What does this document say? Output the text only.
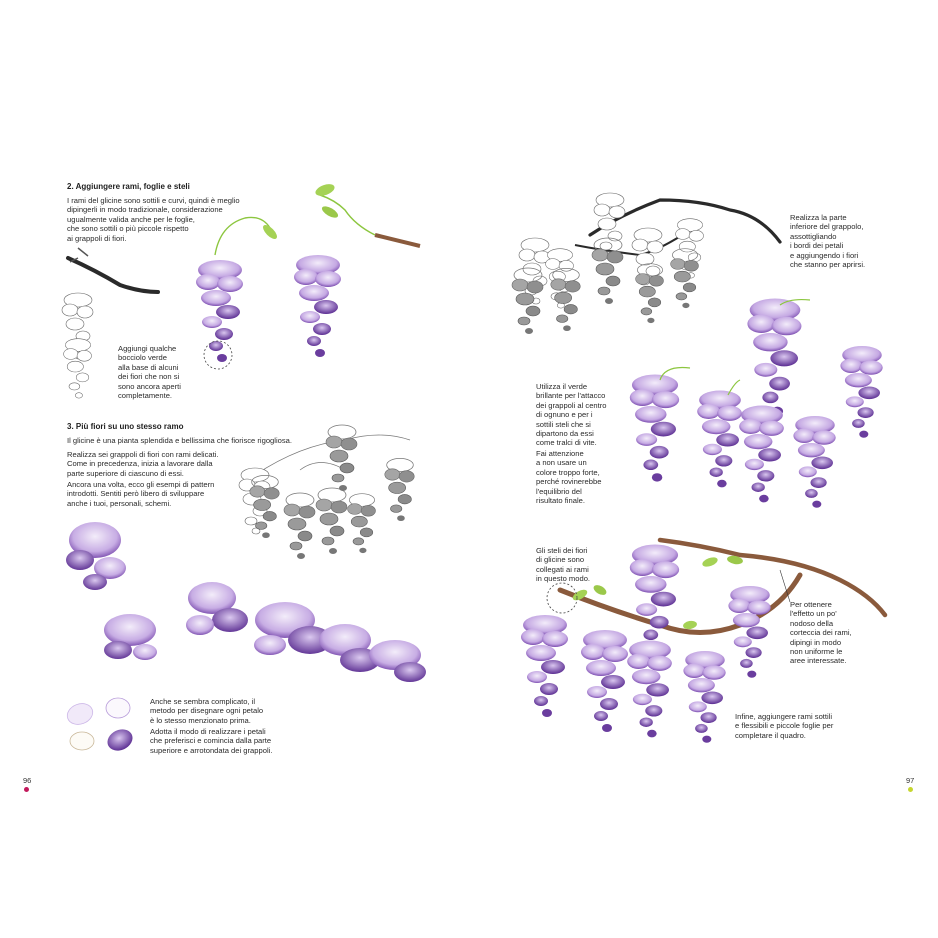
2. Aggiungere rami, foglie e steli
I rami del glicine sono sottili e curvi, quindi è meglio
dipingerli in modo tradizionale, considerazione
ugualmente valida anche per le foglie,
che sono sottili o più piccole rispetto
ai grappoli di fiori.
Aggiungi qualche
bocciolo verde
alla base di alcuni
dei fiori che non si
sono ancora aperti
completamente.
3. Più fiori su uno stesso ramo
Il glicine è una pianta splendida e bellissima che fiorisce rigogliosa.
Realizza sei grappoli di fiori con rami delicati.
Come in precedenza, inizia a lavorare dalla
parte superiore di ciascuno di essi.
Ancora una volta, ecco gli esempi di pattern
introdotti. Sentiti però libero di sviluppare
anche i tuoi, personali, schemi.
Anche se sembra complicato, il
metodo per disegnare ogni petalo
è lo stesso menzionato prima.
Adotta il modo di realizzare i petali
che preferisci e comincia dalla parte
superiore e arrotondata dei grappoli.
96
Realizza la parte
inferiore del grappolo,
assottigliando
i bordi dei petali
e aggiungendo i fiori
che stanno per aprirsi.
Utilizza il verde
brillante per l'attacco
dei grappoli al centro
di ognuno e per i
sottili steli che si
dipartono da essi
come tralci di vite.
Fai attenzione
a non usare un
colore troppo forte,
perché rovinerebbe
l'equilibrio del
risultato finale.
Gli steli dei fiori
di glicine sono
collegati ai rami
in questo modo.
Per ottenere
l'effetto un po'
nodoso della
corteccia dei rami,
dipingi in modo
non uniforme le
aree interessate.
Infine, aggiungere rami sottili
e flessibili e piccole foglie per
completare il quadro.
97
